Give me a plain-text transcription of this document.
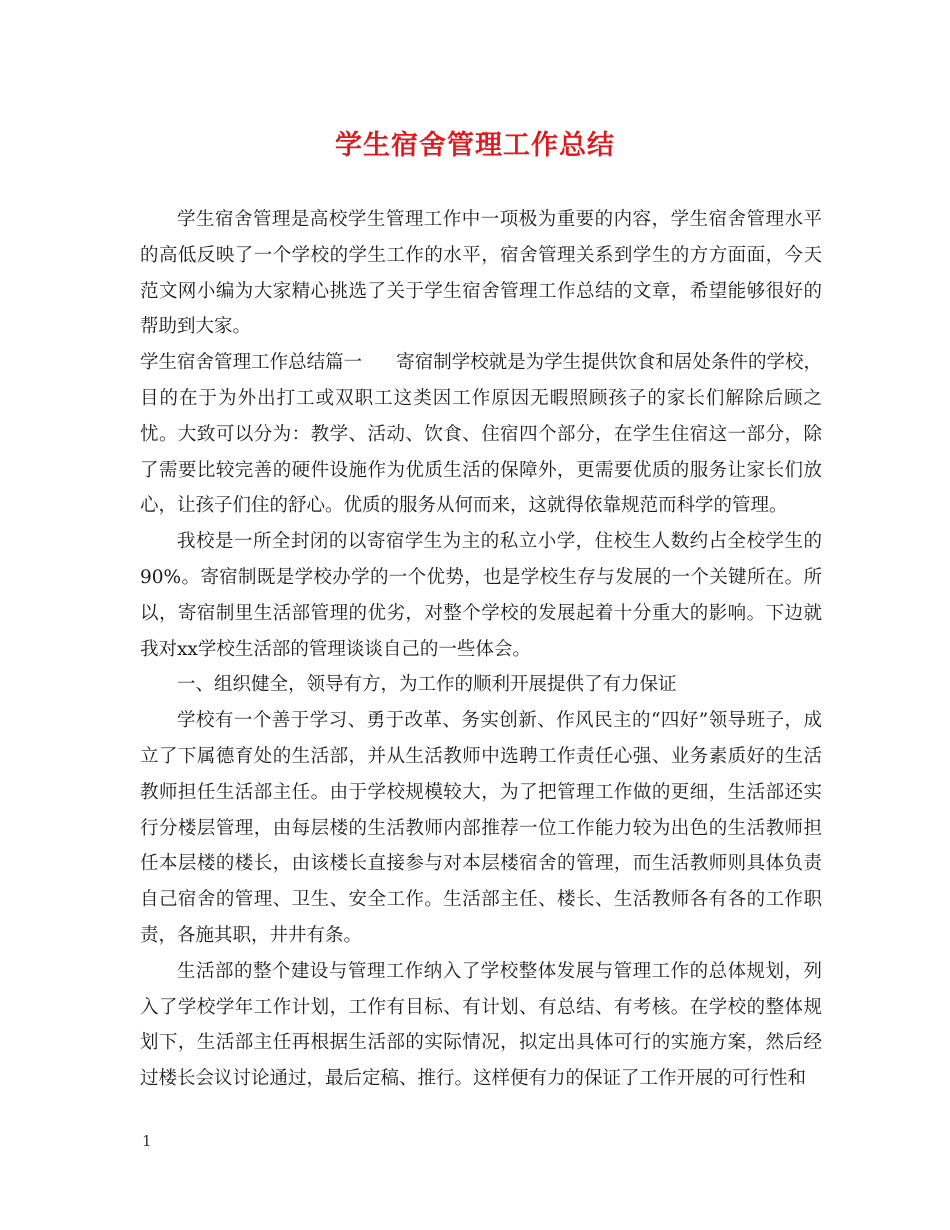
学生宿舍管理工作总结

学生宿舍管理是高校学生管理工作中一项极为重要的内容，学生宿舍管理水平的高低反映了一个学校的学生工作的水平，宿舍管理关系到学生的方方面面，今天范文网小编为大家精心挑选了关于学生宿舍管理工作总结的文章，希望能够很好的帮助到大家。

学生宿舍管理工作总结篇一 寄宿制学校就是为学生提供饮食和居处条件的学校，目的在于为外出打工或双职工这类因工作原因无暇照顾孩子的家长们解除后顾之忧。大致可以分为：教学、活动、饮食、住宿四个部分，在学生住宿这一部分，除了需要比较完善的硬件设施作为优质生活的保障外，更需要优质的服务让家长们放心，让孩子们住的舒心。优质的服务从何而来，这就得依靠规范而科学的管理。

我校是一所全封闭的以寄宿学生为主的私立小学，住校生人数约占全校学生的90%。寄宿制既是学校办学的一个优势，也是学校生存与发展的一个关键所在。所以，寄宿制里生活部管理的优劣，对整个学校的发展起着十分重大的影响。下边就我对xx学校生活部的管理谈谈自己的一些体会。

一、组织健全，领导有方，为工作的顺利开展提供了有力保证

学校有一个善于学习、勇于改革、务实创新、作风民主的“四好”领导班子，成立了下属德育处的生活部，并从生活教师中选聘工作责任心强、业务素质好的生活教师担任生活部主任。由于学校规模较大，为了把管理工作做的更细，生活部还实行分楼层管理，由每层楼的生活教师内部推荐一位工作能力较为出色的生活教师担任本层楼的楼长，由该楼长直接参与对本层楼宿舍的管理，而生活教师则具体负责自己宿舍的管理、卫生、安全工作。生活部主任、楼长、生活教师各有各的工作职责，各施其职，井井有条。

生活部的整个建设与管理工作纳入了学校整体发展与管理工作的总体规划，列入了学校学年工作计划，工作有目标、有计划、有总结、有考核。在学校的整体规划下，生活部主任再根据生活部的实际情况，拟定出具体可行的实施方案，然后经过楼长会议讨论通过，最后定稿、推行。这样便有力的保证了工作开展的可行性和

1
